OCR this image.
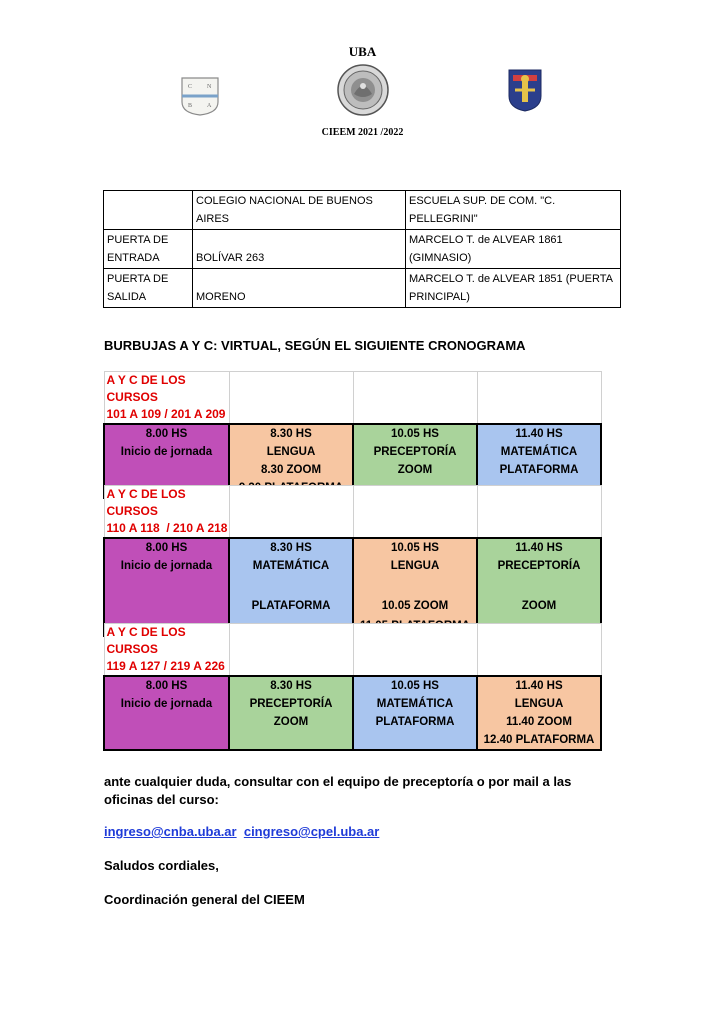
UBA
C N
B A
CIEEM 2021 /2022
	COLEGIO NACIONAL DE BUENOS AIRES	ESCUELA SUP. DE COM. "C. PELLEGRINI"
PUERTA DE ENTRADA	BOLÍVAR 263	MARCELO T. de ALVEAR 1861 (GIMNASIO)
PUERTA DE SALIDA	MORENO	MARCELO T. de ALVEAR 1851 (PUERTA PRINCIPAL)
BURBUJAS A Y C: VIRTUAL, SEGÚN EL SIGUIENTE CRONOGRAMA
A Y C DE LOS CURSOS
101 A 109 / 201 A 209			
8.00 HS	8.30 HS	10.05 HS	11.40 HS
Inicio de jornada	LENGUA	PRECEPTORÍA	MATEMÁTICA
	8.30 ZOOM	ZOOM	PLATAFORMA

A Y C DE LOS CURSOS
110 A 118  / 210 A 218			
8.00 HS	8.30 HS	10.05 HS	11.40 HS
Inicio de jornada	MATEMÁTICA	LENGUA	PRECEPTORÍA
	PLATAFORMA	10.05 ZOOM	ZOOM

A Y C DE LOS CURSOS
119 A 127 / 219 A 226			
8.00 HS	8.30 HS	10.05 HS	11.40 HS
Inicio de jornada	PRECEPTORÍA	MATEMÁTICA	LENGUA
	ZOOM	PLATAFORMA	11.40 ZOOM
			12.40 PLATAFORMA
ante cualquier duda, consultar con el equipo de preceptoría o por mail a las oficinas del curso:
ingreso@cnba.uba.ar cingreso@cpel.uba.ar
Saludos cordiales,
Coordinación general del CIEEM
